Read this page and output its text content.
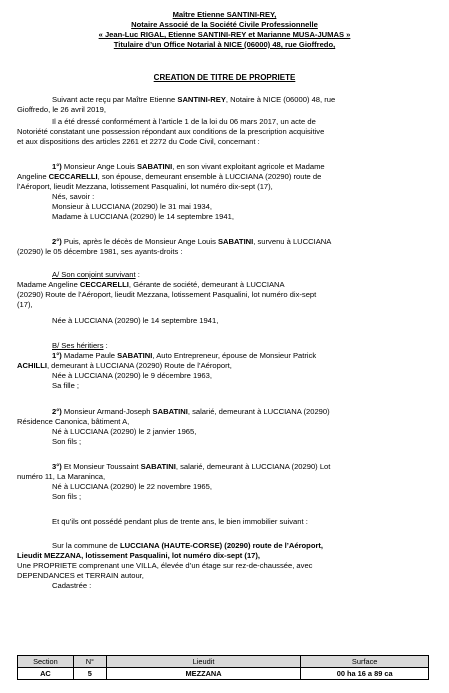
Maître Etienne SANTINI-REY,
Notaire Associé de la Société Civile Professionnelle
« Jean-Luc RIGAL, Etienne SANTINI-REY et Marianne MUSA-JUMAS »
Titulaire d’un Office Notarial à NICE (06000) 48, rue Gioffredo,
CREATION DE TITRE DE PROPRIETE
Suivant acte reçu par Maître Etienne SANTINI-REY, Notaire à NICE (06000) 48, rue
Gioffredo, le 26 avril 2019,
Il a été dressé conformément à l’article 1 de la loi du 06 mars 2017, un acte de
Notoriété constatant une possession répondant aux conditions de la prescription acquisitive
et aux dispositions des articles 2261 et 2272 du Code Civil, concernant :
1°) Monsieur Ange Louis SABATINI, en son vivant exploitant agricole et Madame
Angeline CECCARELLI, son épouse, demeurant ensemble à LUCCIANA (20290) route de
l’Aéroport, lieudit Mezzana, lotissement Pasqualini, lot numéro dix-sept (17),
Nés, savoir :
Monsieur à LUCCIANA (20290) le 31 mai 1934,
Madame à LUCCIANA (20290) le 14 septembre 1941,
2°) Puis, après le décès de Monsieur Ange Louis SABATINI, survenu à LUCCIANA
(20290) le 05 décembre 1981, ses ayants-droits :
A/ Son conjoint survivant :
Madame Angeline CECCARELLI, Gérante de société, demeurant à LUCCIANA
(20290) Route de l’Aéroport, lieudit Mezzana, lotissement Pasqualini, lot numéro dix-sept
(17),
Née à LUCCIANA (20290) le 14 septembre 1941,
B/ Ses héritiers :
1°) Madame Paule SABATINI, Auto Entrepreneur, épouse de Monsieur Patrick
ACHILLI, demeurant à LUCCIANA (20290) Route de l’Aéroport,
Née à LUCCIANA (20290) le 9 décembre 1963,
Sa fille ;
2°) Monsieur Armand-Joseph SABATINI, salarié, demeurant à LUCCIANA (20290)
Résidence Canonica, bâtiment A,
Né à LUCCIANA (20290) le 2 janvier 1965,
Son fils ;
3°) Et Monsieur Toussaint SABATINI, salarié, demeurant à LUCCIANA (20290) Lot
numéro 11, La Maraninca,
Né à LUCCIANA (20290) le 22 novembre 1965,
Son fils ;
Et qu’ils ont possédé pendant plus de trente ans, le bien immobilier suivant :
Sur la commune de LUCCIANA (HAUTE-CORSE) (20290) route de l’Aéroport,
Lieudit MEZZANA, lotissement Pasqualini, lot numéro dix-sept (17),
Une PROPRIETE comprenant une VILLA, élevée d’un étage sur rez-de-chaussée, avec
DEPENDANCES et TERRAIN autour,
Cadastrée :
Section	N°	Lieudit	Surface
AC	5	MEZZANA	00 ha 16 a 89 ca
